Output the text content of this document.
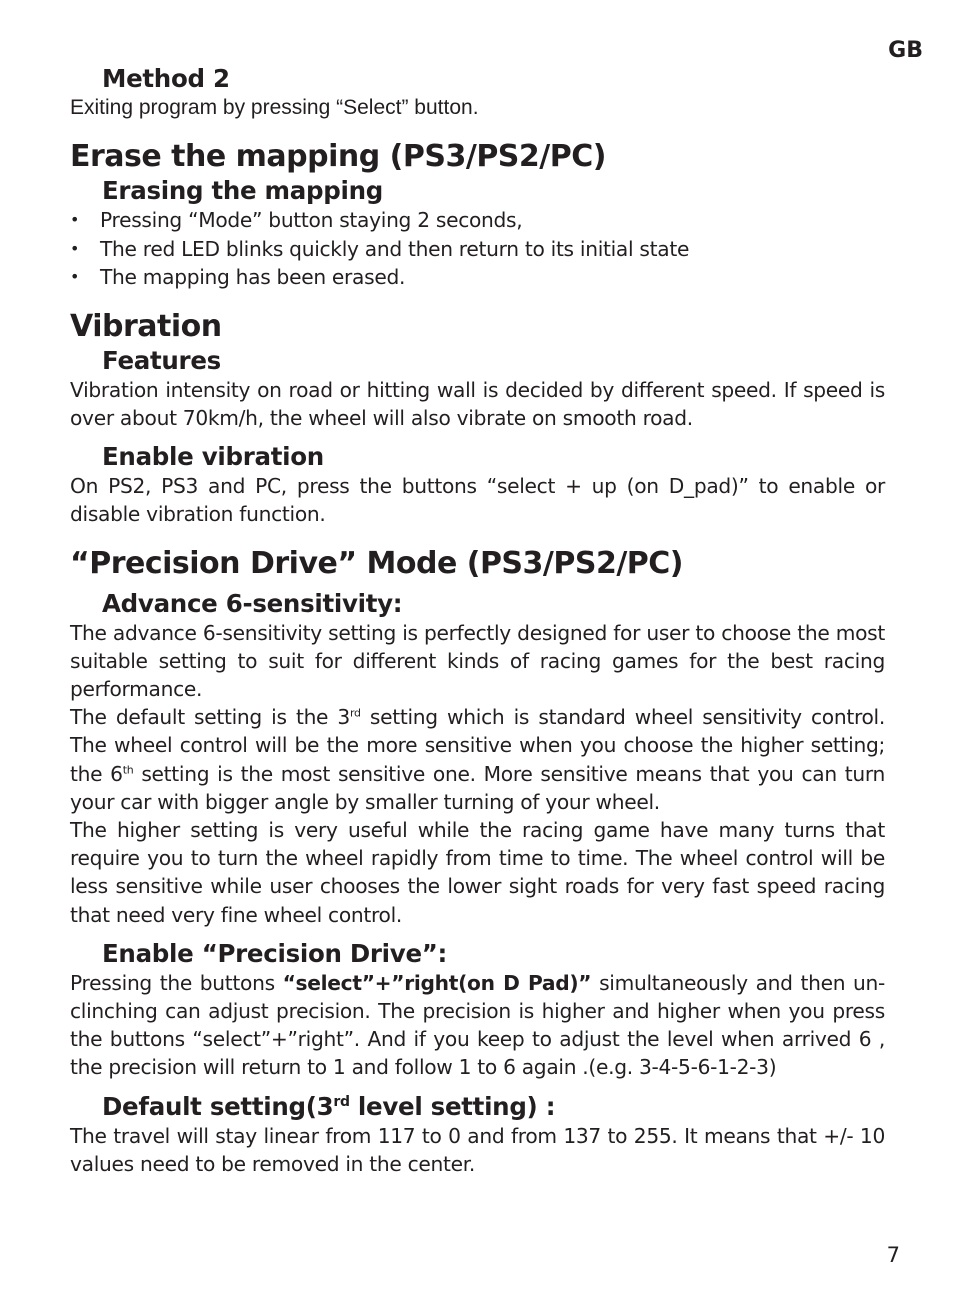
GB
Method 2

Exiting program by pressing “Select” button.

Erase the mapping (PS3/PS2/PC)
Erasing the mapping
• Pressing “Mode” button staying 2 seconds,
• The red LED blinks quickly and then return to its initial state
• The mapping has been erased.
Vibration
Features

Vibration intensity on road or hitting wall is decided by different speed. If speed is over about 70km/h, the wheel will also vibrate on smooth road.

Enable vibration

On PS2, PS3 and PC, press the buttons “select + up (on D_pad)” to enable or disable vibration function.

“Precision Drive” Mode (PS3/PS2/PC)
Advance 6-sensitivity:

The advance 6-sensitivity setting is perfectly designed for user to choose the most suitable setting to suit for different kinds of racing games for the best racing performance.

The default setting is the 3rd setting which is standard wheel sensitivity control. The wheel control will be the more sensitive when you choose the higher setting; the 6th setting is the most sensitive one. More sensitive means that you can turn your car with bigger angle by smaller turning of your wheel.

The higher setting is very useful while the racing game have many turns that require you to turn the wheel rapidly from time to time. The wheel control will be less sensitive while user chooses the lower sight roads for very fast speed racing that need very fine wheel control.

Enable “Precision Drive”:

Pressing the buttons “select”+”right(on D Pad)” simultaneously and then un-clinching can adjust precision. The precision is higher and higher when you press the buttons “select”+”right”. And if you keep to adjust the level when arrived 6 , the precision will return to 1 and follow 1 to 6 again .(e.g. 3-4-5-6-1-2-3)

Default setting(3rd level setting) :

The travel will stay linear from 117 to 0 and from 137 to 255. It means that +/- 10 values need to be removed in the center.

7
